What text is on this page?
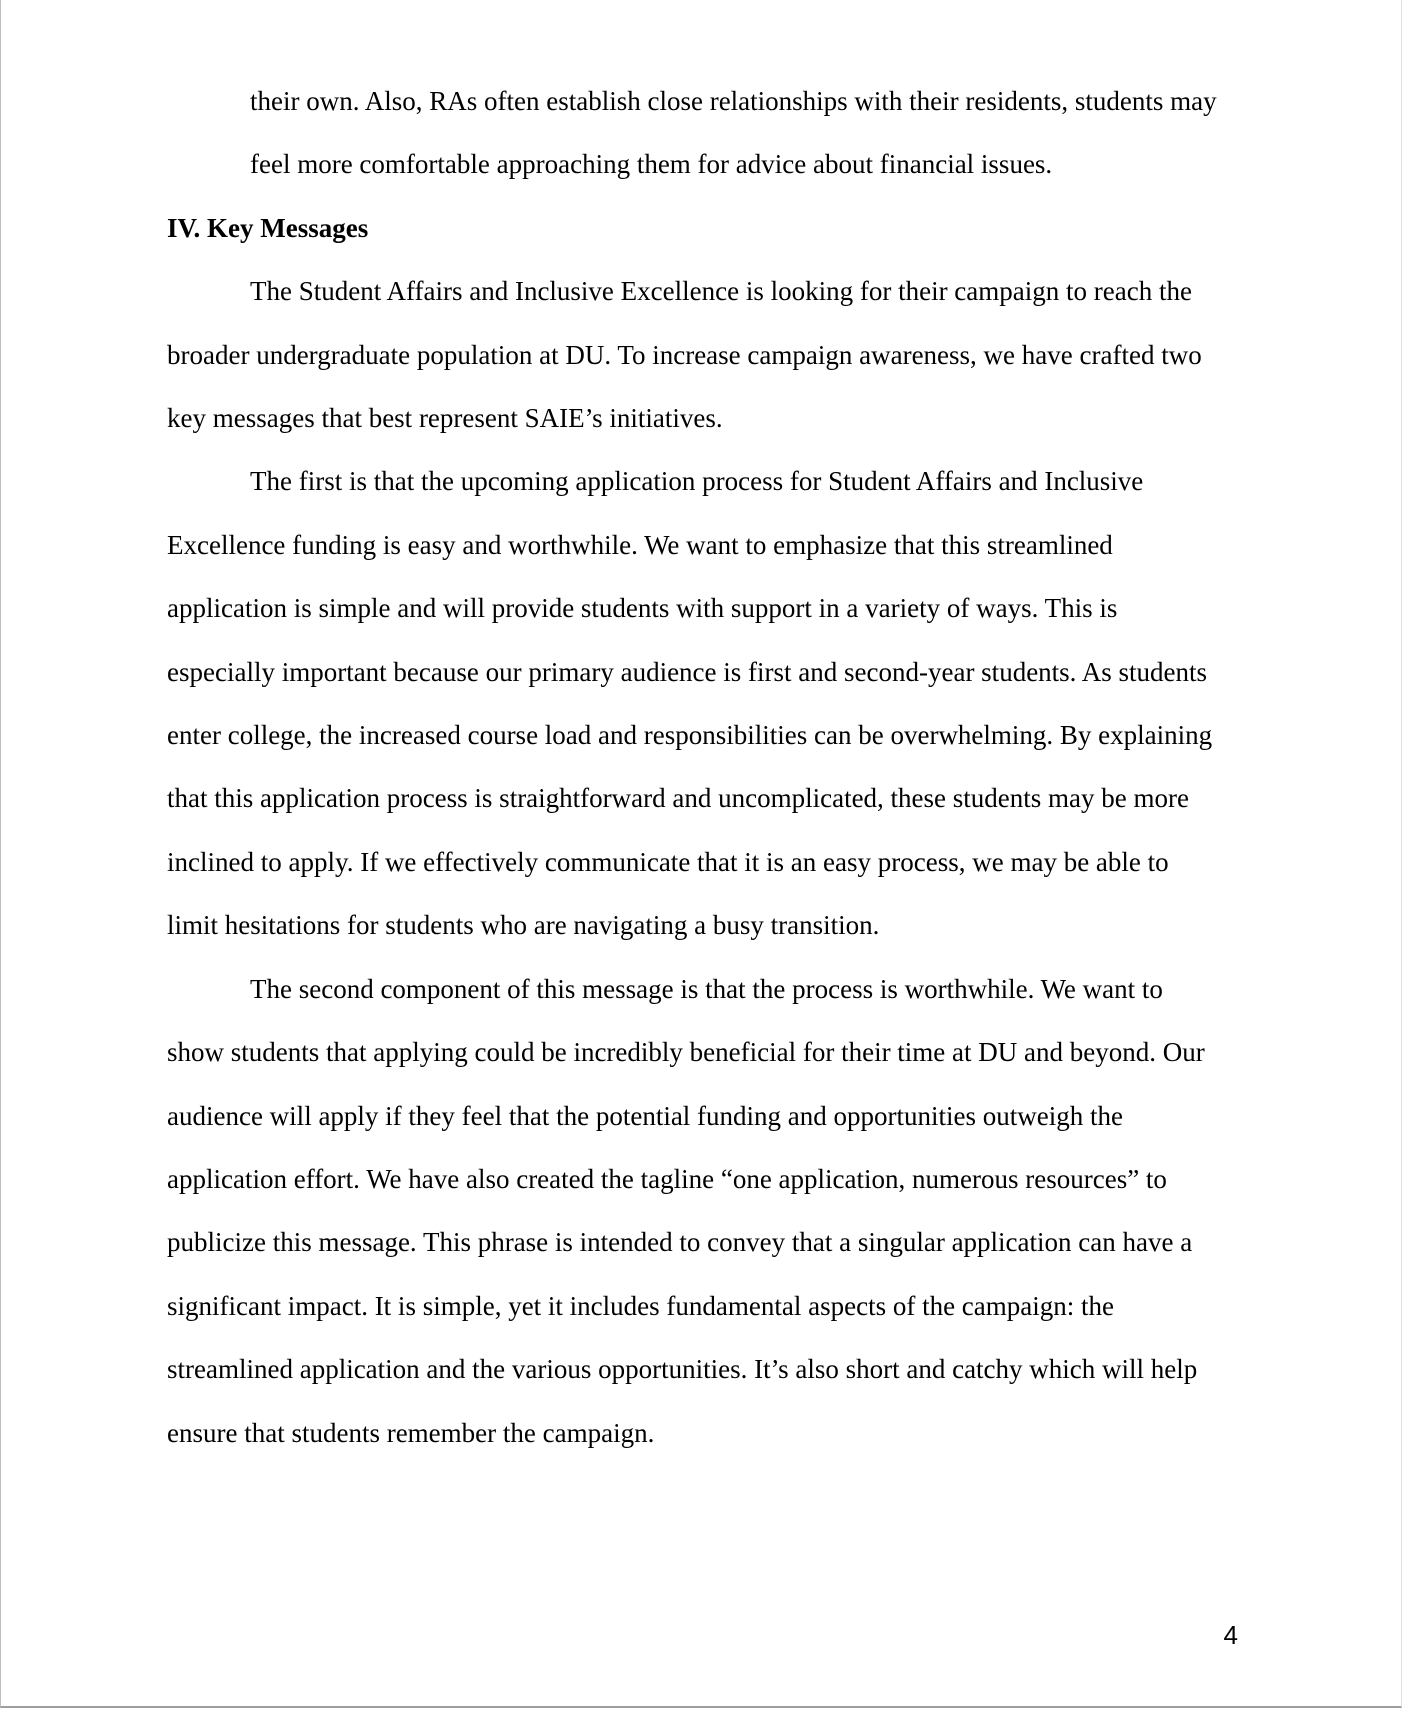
their own. Also, RAs often establish close relationships with their residents, students may
feel more comfortable approaching them for advice about financial issues.

IV. Key Messages

The Student Affairs and Inclusive Excellence is looking for their campaign to reach the
broader undergraduate population at DU. To increase campaign awareness, we have crafted two
key messages that best represent SAIE’s initiatives.

The first is that the upcoming application process for Student Affairs and Inclusive
Excellence funding is easy and worthwhile. We want to emphasize that this streamlined
application is simple and will provide students with support in a variety of ways. This is
especially important because our primary audience is first and second-year students. As students
enter college, the increased course load and responsibilities can be overwhelming. By explaining
that this application process is straightforward and uncomplicated, these students may be more
inclined to apply. If we effectively communicate that it is an easy process, we may be able to
limit hesitations for students who are navigating a busy transition.

The second component of this message is that the process is worthwhile. We want to
show students that applying could be incredibly beneficial for their time at DU and beyond. Our
audience will apply if they feel that the potential funding and opportunities outweigh the
application effort. We have also created the tagline “one application, numerous resources” to
publicize this message. This phrase is intended to convey that a singular application can have a
significant impact. It is simple, yet it includes fundamental aspects of the campaign: the
streamlined application and the various opportunities. It’s also short and catchy which will help
ensure that students remember the campaign.

4
